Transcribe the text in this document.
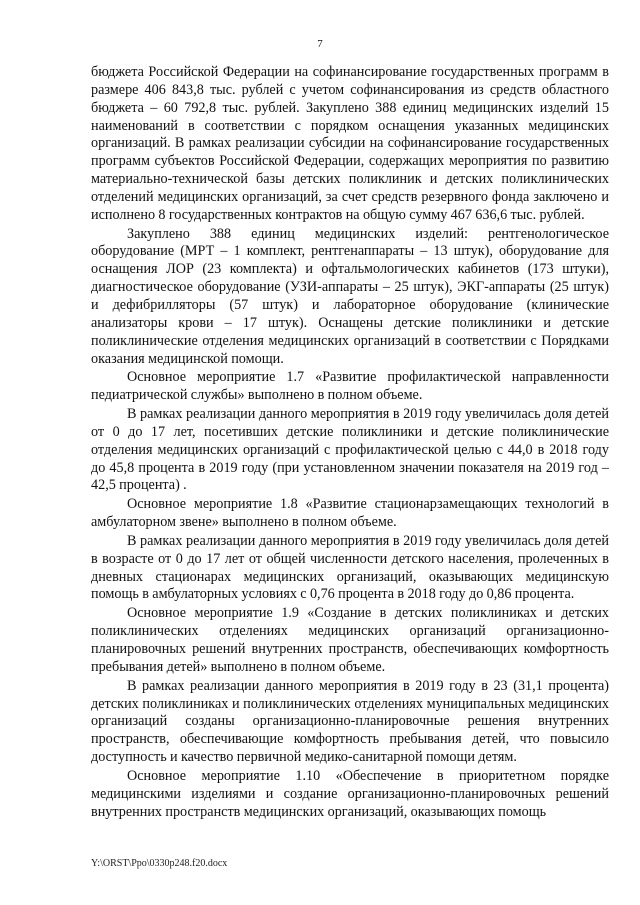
7

бюджета Российской Федерации на софинансирование государственных программ в размере 406 843,8 тыс. рублей с учетом софинансирования из средств областного бюджета – 60 792,8 тыс. рублей. Закуплено 388 единиц медицинских изделий 15 наименований в соответствии с порядком оснащения указанных медицинских организаций. В рамках реализации субсидии на софинансирование государственных программ субъектов Российской Федерации, содержащих мероприятия по развитию материально-технической базы детских поликлиник и детских поликлинических отделений медицинских организаций, за счет средств резервного фонда заключено и исполнено 8 государственных контрактов на общую сумму 467 636,6 тыс. рублей.

Закуплено 388 единиц медицинских изделий: рентгенологическое оборудование (МРТ – 1 комплект, рентгенаппараты – 13 штук), оборудование для оснащения ЛОР (23 комплекта) и офтальмологических кабинетов (173 штуки), диагностическое оборудование (УЗИ-аппараты – 25 штук), ЭКГ-аппараты (25 штук) и дефибрилляторы (57 штук) и лабораторное оборудование (клинические анализаторы крови – 17 штук). Оснащены детские поликлиники и детские поликлинические отделения медицинских организаций в соответствии с Порядками оказания медицинской помощи.

Основное мероприятие 1.7 «Развитие профилактической направленности педиатрической службы» выполнено в полном объеме.

В рамках реализации данного мероприятия в 2019 году увеличилась доля детей от 0 до 17 лет, посетивших детские поликлиники и детские поликлинические отделения медицинских организаций с профилактической целью с 44,0 в 2018 году до 45,8 процента в 2019 году (при установленном значении показателя на 2019 год – 42,5 процента) .

Основное мероприятие 1.8 «Развитие стационарзамещающих технологий в амбулаторном звене» выполнено в полном объеме.

В рамках реализации данного мероприятия в 2019 году увеличилась доля детей в возрасте от 0 до 17 лет от общей численности детского населения, пролеченных в дневных стационарах медицинских организаций, оказывающих медицинскую помощь в амбулаторных условиях с 0,76 процента в 2018 году до 0,86 процента.

Основное мероприятие 1.9 «Создание в детских поликлиниках и детских поликлинических отделениях медицинских организаций организационно-планировочных решений внутренних пространств, обеспечивающих комфортность пребывания детей» выполнено в полном объеме.

В рамках реализации данного мероприятия в 2019 году в 23 (31,1 процента) детских поликлиниках и поликлинических отделениях муниципальных медицинских организаций созданы организационно-планировочные решения внутренних пространств, обеспечивающие комфортность пребывания детей, что повысило доступность и качество первичной медико-санитарной помощи детям.

Основное мероприятие 1.10 «Обеспечение в приоритетном порядке медицинскими изделиями и создание организационно-планировочных решений внутренних пространств медицинских организаций, оказывающих помощь

Y:\ORST\Ppo\0330p248.f20.docx
